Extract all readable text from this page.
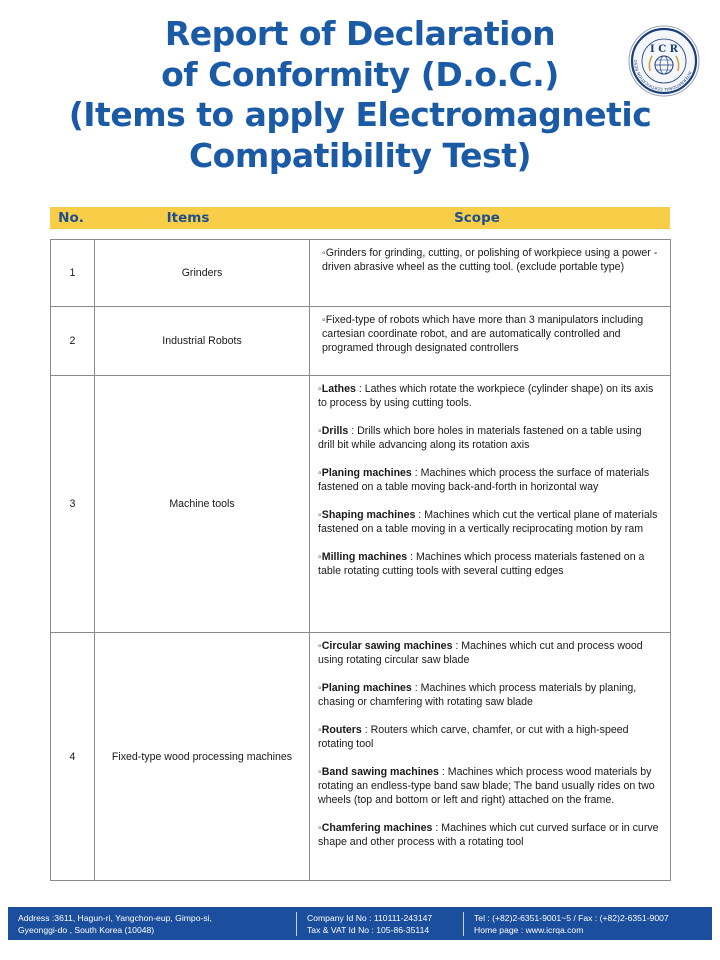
Report of Declaration
of Conformity (D.o.C.)
(Items to apply Electromagnetic
Compatibility Test)
INTERNATIONAL CERTIFICATION RESO
I C R
No.	Items	Scope
1	Grinders	◦Grinders for grinding, cutting, or polishing of workpiece using a power -driven abrasive wheel as the cutting tool. (exclude portable type)

2	Industrial Robots	◦Fixed-type of robots which have more than 3 manipulators including cartesian coordinate robot, and are automatically controlled and programed through designated controllers

3	Machine tools	◦Lathes : Lathes which rotate the workpiece (cylinder shape) on its axis to process by using cutting tools.

◦Drills : Drills which bore holes in materials fastened on a table using drill bit while advancing along its rotation axis

◦Planing machines : Machines which process the surface of materials fastened on a table moving back-and-forth in horizontal way

◦Shaping machines : Machines which cut the vertical plane of materials fastened on a table moving in a vertically reciprocating motion by ram

◦Milling machines : Machines which process materials fastened on a table rotating cutting tools with several cutting edges

4	Fixed-type wood processing machines	◦Circular sawing machines : Machines which cut and process wood using rotating circular saw blade

◦Planing machines : Machines which process materials by planing, chasing or chamfering with rotating saw blade

◦Routers : Routers which carve, chamfer, or cut with a high-speed rotating tool

◦Band sawing machines : Machines which process wood materials by rotating an endless-type band saw blade; The band usually rides on two wheels (top and bottom or left and right) attached on the frame.

◦Chamfering machines : Machines which cut curved surface or in curve shape and other process with a rotating tool

Address :3611, Hagun-ri, Yangchon-eup, Gimpo-si,
Gyeonggi-do , South Korea (10048)
Company Id No : 110111-243147
Tax & VAT Id No : 105-86-35114
Tel : (+82)2-6351-9001~5 / Fax : (+82)2-6351-9007
Home page : www.icrqa.com
